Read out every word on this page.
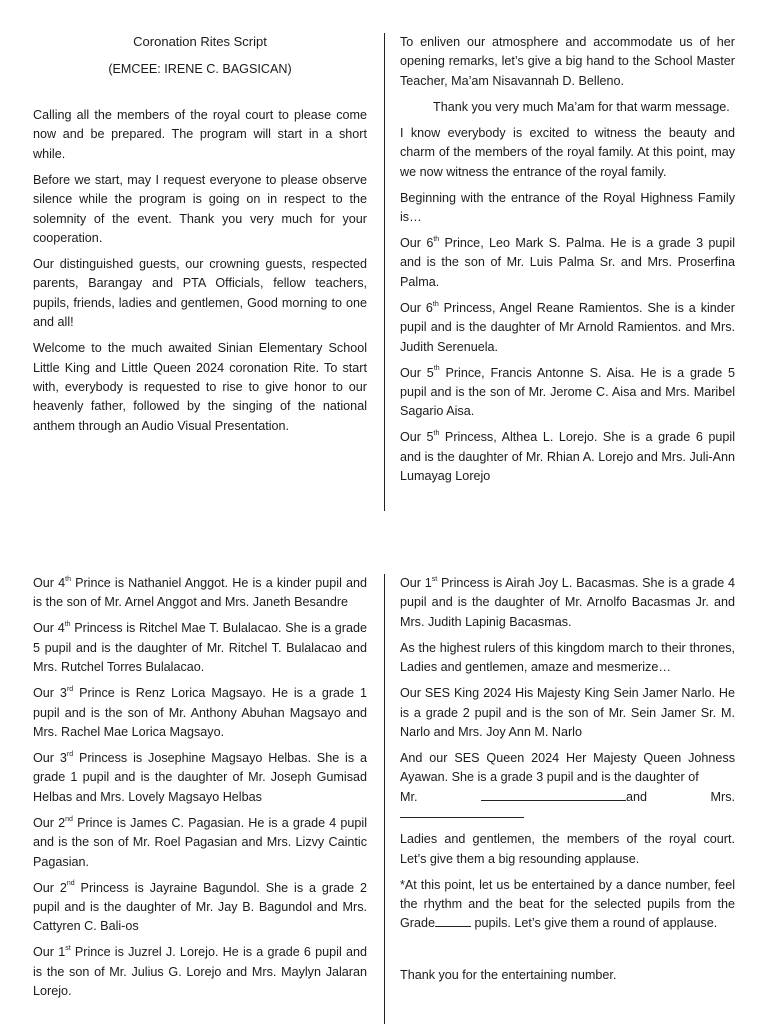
Coronation Rites Script
(EMCEE: IRENE C. BAGSICAN)

Calling all the members of the royal court to please come now and be prepared. The program will start in a short while.

Before we start, may I request everyone to please observe silence while the program is going on in respect to the solemnity of the event. Thank you very much for your cooperation.

Our distinguished guests, our crowning guests, respected parents, Barangay and PTA Officials, fellow teachers, pupils, friends, ladies and gentlemen, Good morning to one and all!

Welcome to the much awaited Sinian Elementary School Little King and Little Queen 2024 coronation Rite. To start with, everybody is requested to rise to give honor to our heavenly father, followed by the singing of the national anthem through an Audio Visual Presentation.

To enliven our atmosphere and accommodate us of her opening remarks, let’s give a big hand to the School Master Teacher, Ma’am Nisavannah D. Belleno.

Thank you very much Ma’am for that warm message.

I know everybody is excited to witness the beauty and charm of the members of the royal family. At this point, may we now witness the entrance of the royal family.

Beginning with the entrance of the Royal Highness Family is…

Our 6th Prince, Leo Mark S. Palma. He is a grade 3 pupil and is the son of Mr. Luis Palma Sr. and Mrs. Proserfina Palma.

Our 6th Princess, Angel Reane Ramientos. She is a kinder pupil and is the daughter of Mr Arnold Ramientos. and Mrs. Judith Serenuela.

Our 5th Prince, Francis Antonne S. Aisa. He is a grade 5 pupil and is the son of Mr. Jerome C. Aisa and Mrs. Maribel Sagario Aisa.

Our 5th Princess, Althea L. Lorejo. She is a grade 6 pupil and is the daughter of Mr. Rhian A. Lorejo and Mrs. Juli-Ann Lumayag Lorejo

Our 4th Prince is Nathaniel Anggot. He is a kinder pupil and is the son of Mr. Arnel Anggot and Mrs. Janeth Besandre

Our 4th Princess is Ritchel Mae T. Bulalacao. She is a grade 5 pupil and is the daughter of Mr. Ritchel T. Bulalacao and Mrs. Rutchel Torres Bulalacao.

Our 3rd Prince is Renz Lorica Magsayo. He is a grade 1 pupil and is the son of Mr. Anthony Abuhan Magsayo and Mrs. Rachel Mae Lorica Magsayo.

Our 3rd Princess is Josephine Magsayo Helbas. She is a grade 1 pupil and is the daughter of Mr. Joseph Gumisad Helbas and Mrs. Lovely Magsayo Helbas

Our 2nd Prince is James C. Pagasian. He is a grade 4 pupil and is the son of Mr. Roel Pagasian and Mrs. Lizvy Caintic Pagasian.

Our 2nd Princess is Jayraine Bagundol. She is a grade 2 pupil and is the daughter of Mr. Jay B. Bagundol and Mrs. Cattyren C. Bali-os

Our 1st Prince is Juzrel J. Lorejo. He is a grade 6 pupil and is the son of Mr. Julius G. Lorejo and Mrs. Maylyn Jalaran Lorejo.

Our 1st Princess is Airah Joy L. Bacasmas. She is a grade 4 pupil and is the daughter of Mr. Arnolfo Bacasmas Jr. and Mrs. Judith Lapinig Bacasmas.

As the highest rulers of this kingdom march to their thrones, Ladies and gentlemen, amaze and mesmerize…

Our SES King 2024 His Majesty King Sein Jamer Narlo. He is a grade 2 pupil and is the son of Mr. Sein Jamer Sr. M. Narlo and Mrs. Joy Ann M. Narlo

And our SES Queen 2024 Her Majesty Queen Johness Ayawan. She is a grade 3 pupil and is the daughter of

Mr.	and	Mrs.

Ladies and gentlemen, the members of the royal court. Let’s give them a big resounding applause.

*At this point, let us be entertained by a dance number, feel the rhythm and the beat for the selected pupils from the Grade	pupils. Let’s give them a round of applause.

Thank you for the entertaining number.
